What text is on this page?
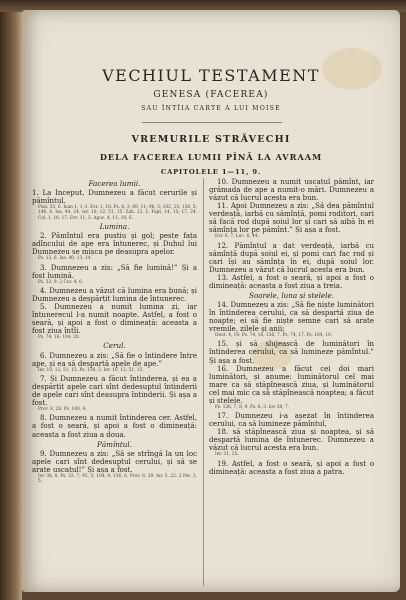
VECHIUL TESTAMENT
GENESA (FACEREA)
SAU ÎNTÎIA CARTE A LUI MOISE
VREMURILE STRĂVECHI
DELA FACEREA LUMII PÎNĂ LA AVRAAM
CAPITOLELE 1—11, 9.
Facerea lumii.

1. La Inceput, Dumnezeu a făcut cerurile și pămîntul.

Psal. 33, 6. Ioan 1, 1–3. Evr. 1, 10. Ps. 8, 3; 89, 11; 96, 5; 102, 25; 136, 5; 146, 6. Isa. 44, 24. Ier. 10, 12; 51, 15. Zah. 12, 1. Fapt. 14, 15; 17, 24. Col. 1, 16, 17. Evr. 11, 3. Apoc. 4, 11; 10, 6.

Lumina.

2. Pămîntul era pustiu și gol; peste fața adîncului de ape era întunerec, și Duhul lui Dumnezeu se mișca pe deasupra apelor.

Ps. 33, 6. Isa. 40, 13, 14.

3. Dumnezeu a zis: „Să fie lumină!” Și a fost lumină.

Ps. 33, 9. 2 Cor. 4, 6.

4. Dumnezeu a văzut că lumina era bună; și Dumnezeu a despărțit lumina de întunerec.

5. Dumnezeu a numit lumina zi, iar întunerecul l-a numit noapte. Astfel, a fost o seară, și apoi a fost o dimineață: aceasta a fost ziua întîi.

Ps. 74, 16; 104, 20.

Cerul.

6. Dumnezeu a zis: „Să fie o întindere între ape, și ea să despartă apele de ape.”

Ier. 10, 12; 51, 15. Ps. 136, 5. Ier. 10, 12; 51, 15.

7. Și Dumnezeu a făcut întinderea, și ea a despărțit apele cari sînt dedesuptul întinderii de apele cari sînt deasupra întinderii. Și așa a fost.

Prov. 8, 28. Ps. 148, 4.

8. Dumnezeu a numit întinderea cer. Astfel, a fost o seară, și apoi a fost o dimineață: aceasta a fost ziua a doua.

Pămîntul.

9. Dumnezeu a zis: „Să se strîngă la un loc apele cari sînt dedesuptul cerului, și să se arate uscatul!” Și așa a fost.

Iov 38, 8. Ps. 33, 7; 95, 5; 104, 9; 136, 6. Prov. 8, 29. Ier. 5, 22. 2 Pet. 3, 5.

10. Dumnezeu a numit uscatul pămînt, iar grămada de ape a numit-o mări. Dumnezeu a văzut că lucrul acesta era bun.

11. Apoi Dumnezeu a zis: „Să dea pămîntul verdeață, iarbă cu sămînță, pomi roditori, cari să facă rod după soiul lor și cari să aibă în ei sămînța lor pe pămînt.” Și așa a fost.

Evr. 6, 7. Luc. 6, 44.

12. Pămîntul a dat verdeață, iarbă cu sămînță după soiul ei, și pomi cari fac rod și cari își au sămînța în ei, după soiul lor. Dumnezeu a văzut că lucrul acesta era bun.

13. Astfel, a fost o seară, și apoi a fost o dimineață: aceasta a fost ziua a treia.

Soarele, luna și stelele.

14. Dumnezeu a zis: „Să fie niște luminători în întinderea cerului, ca să despartă ziua de noapte; ei să fie niște semne cari să arate vremile, zilele și anii;

Deut. 4, 19. Ps. 74, 16; 136, 7. Ps. 74, 17. Ps. 104, 19.

15. și să slujească de luminători în întinderea cerului, ca să lumineze pămîntul.” Și așa a fost.

16. Dumnezeu a făcut cei doi mari luminători, și anume: luminătorul cel mai mare ca să stăpînească ziua, și luminătorul cel mai mic ca să stăpînească noaptea; a făcut și stelele.

Ps. 136, 7, 8, 9. Ps. 8, 3. Iov 38, 7.

17. Dumnezeu i-a așezat în întinderea cerului, ca să lumineze pămîntul,

18. să stăpînească ziua și noaptea, și să despartă lumina de întunerec. Dumnezeu a văzut că lucrul acesta era bun.

Ier. 31, 35.

19. Astfel, a fost o seară, și apoi a fost o dimineață: aceasta a fost ziua a patra.
